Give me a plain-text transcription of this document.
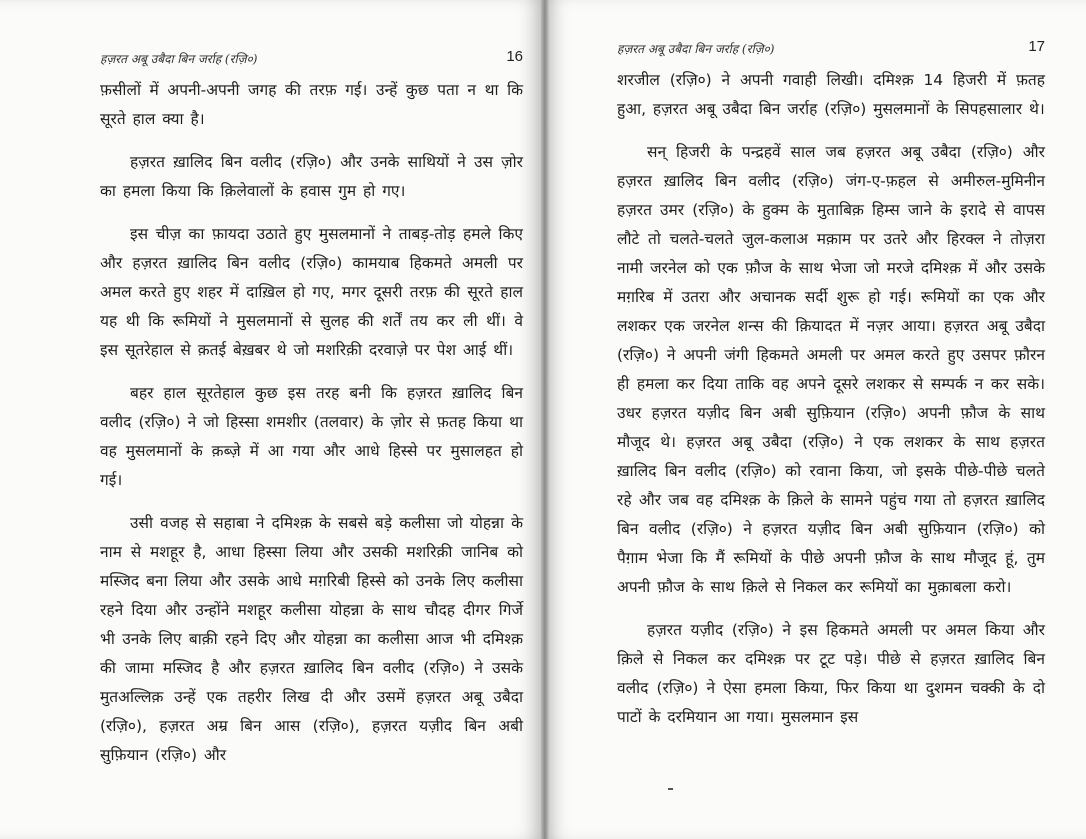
हज़रत अबू उबैदा बिन जर्राह (रज़ि०)	16

फ़सीलों में अपनी-अपनी जगह की तरफ़ गई। उन्हें कुछ पता न था कि सूरते हाल क्या है।

हज़रत ख़ालिद बिन वलीद (रज़ि०) और उनके साथियों ने उस ज़ोर का हमला किया कि क़िलेवालों के हवास गुम हो गए।

इस चीज़ का फ़ायदा उठाते हुए मुसलमानों ने ताबड़-तोड़ हमले किए और हज़रत ख़ालिद बिन वलीद (रज़ि०) कामयाब हिकमते अमली पर अमल करते हुए शहर में दाख़िल हो गए, मगर दूसरी तरफ़ की सूरते हाल यह थी कि रूमियों ने मुसलमानों से सुलह की शर्तें तय कर ली थीं। वे इस सूतरेहाल से क़तई बेख़बर थे जो मशरिक़ी दरवाज़े पर पेश आई थीं।

बहर हाल सूरतेहाल कुछ इस तरह बनी कि हज़रत ख़ालिद बिन वलीद (रज़ि०) ने जो हिस्सा शमशीर (तलवार) के ज़ोर से फ़तह किया था वह मुसलमानों के क़ब्ज़े में आ गया और आधे हिस्से पर मुसालहत हो गई।

उसी वजह से सहाबा ने दमिश्क़ के सबसे बड़े कलीसा जो योहन्ना के नाम से मशहूर है, आधा हिस्सा लिया और उसकी मशरिक़ी जानिब को मस्जिद बना लिया और उसके आधे मग़रिबी हिस्से को उनके लिए कलीसा रहने दिया और उन्होंने मशहूर कलीसा योहन्ना के साथ चौदह दीगर गिर्जे भी उनके लिए बाक़ी रहने दिए और योहन्ना का कलीसा आज भी दमिश्क़ की जामा मस्जिद है और हज़रत ख़ालिद बिन वलीद (रज़ि०) ने उसके मुतअल्लिक़ उन्हें एक तहरीर लिख दी और उसमें हज़रत अबू उबैदा (रज़ि०), हज़रत अम्र बिन आस (रज़ि०), हज़रत यज़ीद बिन अबी सुफ़ियान (रज़ि०) और

हज़रत अबू उबैदा बिन जर्राह (रज़ि०)	17

शरजील (रज़ि०) ने अपनी गवाही लिखी। दमिश्क़ 14 हिजरी में फ़तह हुआ, हज़रत अबू उबैदा बिन जर्राह (रज़ि०) मुसलमानों के सिपहसालार थे।

सन् हिजरी के पन्द्रहवें साल जब हज़रत अबू उबैदा (रज़ि०) और हज़रत ख़ालिद बिन वलीद (रज़ि०) जंग-ए-फ़हल से अमीरुल-मुमिनीन हज़रत उमर (रज़ि०) के हुक्म के मुताबिक़ हिम्स जाने के इरादे से वापस लौटे तो चलते-चलते जुल-कलाअ मक़ाम पर उतरे और हिरक्ल ने तोज़रा नामी जरनेल को एक फ़ौज के साथ भेजा जो मरजे दमिश्क़ में और उसके मग़रिब में उतरा और अचानक सर्दी शुरू हो गई। रूमियों का एक और लशकर एक जरनेल शन्स की क़ियादत में नज़र आया। हज़रत अबू उबैदा (रज़ि०) ने अपनी जंगी हिकमते अमली पर अमल करते हुए उसपर फ़ौरन ही हमला कर दिया ताकि वह अपने दूसरे लशकर से सम्पर्क न कर सके। उधर हज़रत यज़ीद बिन अबी सुफ़ियान (रज़ि०) अपनी फ़ौज के साथ मौजूद थे। हज़रत अबू उबैदा (रज़ि०) ने एक लशकर के साथ हज़रत ख़ालिद बिन वलीद (रज़ि०) को रवाना किया, जो इसके पीछे-पीछे चलते रहे और जब वह दमिश्क़ के क़िले के सामने पहुंच गया तो हज़रत ख़ालिद बिन वलीद (रज़ि०) ने हज़रत यज़ीद बिन अबी सुफ़ियान (रज़ि०) को पैग़ाम भेजा कि मैं रूमियों के पीछे अपनी फ़ौज के साथ मौजूद हूं, तुम अपनी फ़ौज के साथ क़िले से निकल कर रूमियों का मुक़ाबला करो।

हज़रत यज़ीद (रज़ि०) ने इस हिकमते अमली पर अमल किया और क़िले से निकल कर दमिश्क़ पर टूट पड़े। पीछे से हज़रत ख़ालिद बिन वलीद (रज़ि०) ने ऐसा हमला किया, फिर किया था दुशमन चक्की के दो पाटों के दरमियान आ गया। मुसलमान इस
